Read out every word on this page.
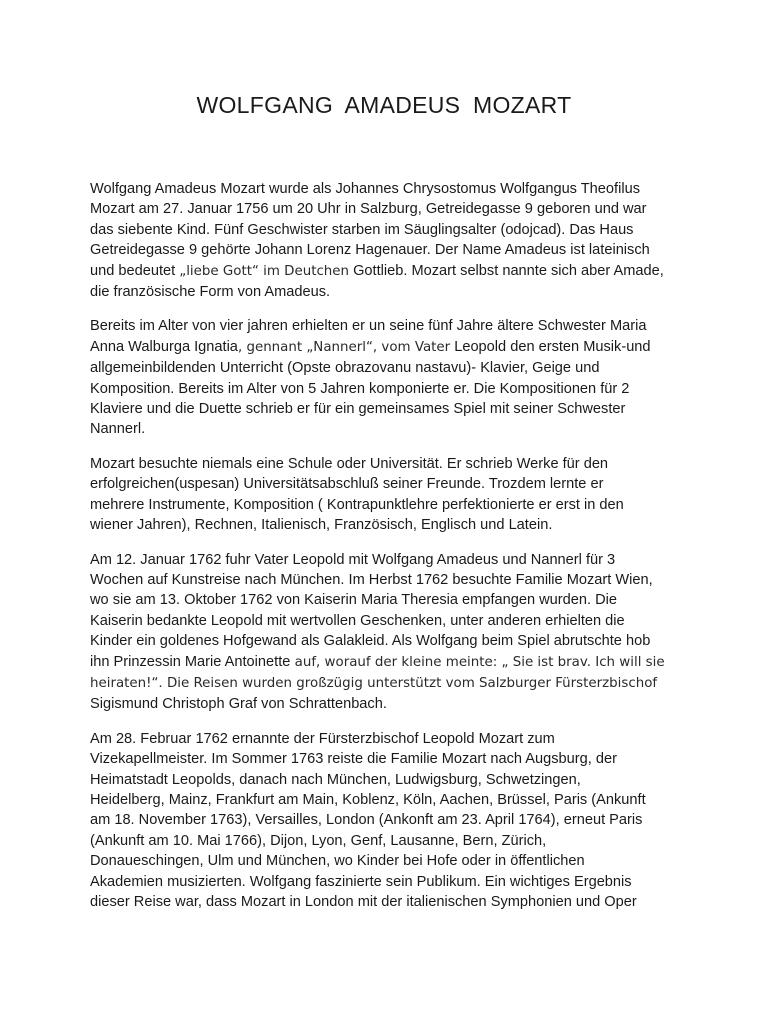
WOLFGANG AMADEUS MOZART

Wolfgang Amadeus Mozart wurde als Johannes Chrysostomus Wolfgangus Theofilus
Mozart am 27. Januar 1756 um 20 Uhr in Salzburg, Getreidegasse 9 geboren und war
das siebente Kind. Fünf Geschwister starben im Säuglingsalter (odojcad). Das Haus
Getreidegasse 9 gehörte Johann Lorenz Hagenauer. Der Name Amadeus ist lateinisch
und bedeutet „liebe Gott“ im Deutchen Gottlieb. Mozart selbst nannte sich aber Amade,
die französische Form von Amadeus.

Bereits im Alter von vier jahren erhielten er un seine fünf Jahre ältere Schwester Maria
Anna Walburga Ignatia, gennant „Nannerl“, vom Vater Leopold den ersten Musik-und
allgemeinbildenden Unterricht (Opste obrazovanu nastavu)- Klavier, Geige und
Komposition. Bereits im Alter von 5 Jahren komponierte er. Die Kompositionen für 2
Klaviere und die Duette schrieb er für ein gemeinsames Spiel mit seiner Schwester
Nannerl.

Mozart besuchte niemals eine Schule oder Universität. Er schrieb Werke für den
erfolgreichen(uspesan) Universitätsabschluß seiner Freunde. Trozdem lernte er
mehrere Instrumente, Komposition ( Kontrapunktlehre perfektionierte er erst in den
wiener Jahren), Rechnen, Italienisch, Französisch, Englisch und Latein.

Am 12. Januar 1762 fuhr Vater Leopold mit Wolfgang Amadeus und Nannerl für 3
Wochen auf Kunstreise nach München. Im Herbst 1762 besuchte Familie Mozart Wien,
wo sie am 13. Oktober 1762 von Kaiserin Maria Theresia empfangen wurden. Die
Kaiserin bedankte Leopold mit wertvollen Geschenken, unter anderen erhielten die
Kinder ein goldenes Hofgewand als Galakleid. Als Wolfgang beim Spiel abrutschte hob
ihn Prinzessin Marie Antoinette auf, worauf der kleine meinte: „ Sie ist brav. Ich will sie
heiraten!“. Die Reisen wurden großzügig unterstützt vom Salzburger Fürsterzbischof
Sigismund Christoph Graf von Schrattenbach.

Am 28. Februar 1762 ernannte der Fürsterzbischof Leopold Mozart zum
Vizekapellmeister. Im Sommer 1763 reiste die Familie Mozart nach Augsburg, der
Heimatstadt Leopolds, danach nach München, Ludwigsburg, Schwetzingen,
Heidelberg, Mainz, Frankfurt am Main, Koblenz, Köln, Aachen, Brüssel, Paris (Ankunft
am 18. November 1763), Versailles, London (Ankonft am 23. April 1764), erneut Paris
(Ankunft am 10. Mai 1766), Dijon, Lyon, Genf, Lausanne, Bern, Zürich,
Donaueschingen, Ulm und München, wo Kinder bei Hofe oder in öffentlichen
Akademien musizierten. Wolfgang faszinierte sein Publikum. Ein wichtiges Ergebnis
dieser Reise war, dass Mozart in London mit der italienischen Symphonien und Oper
